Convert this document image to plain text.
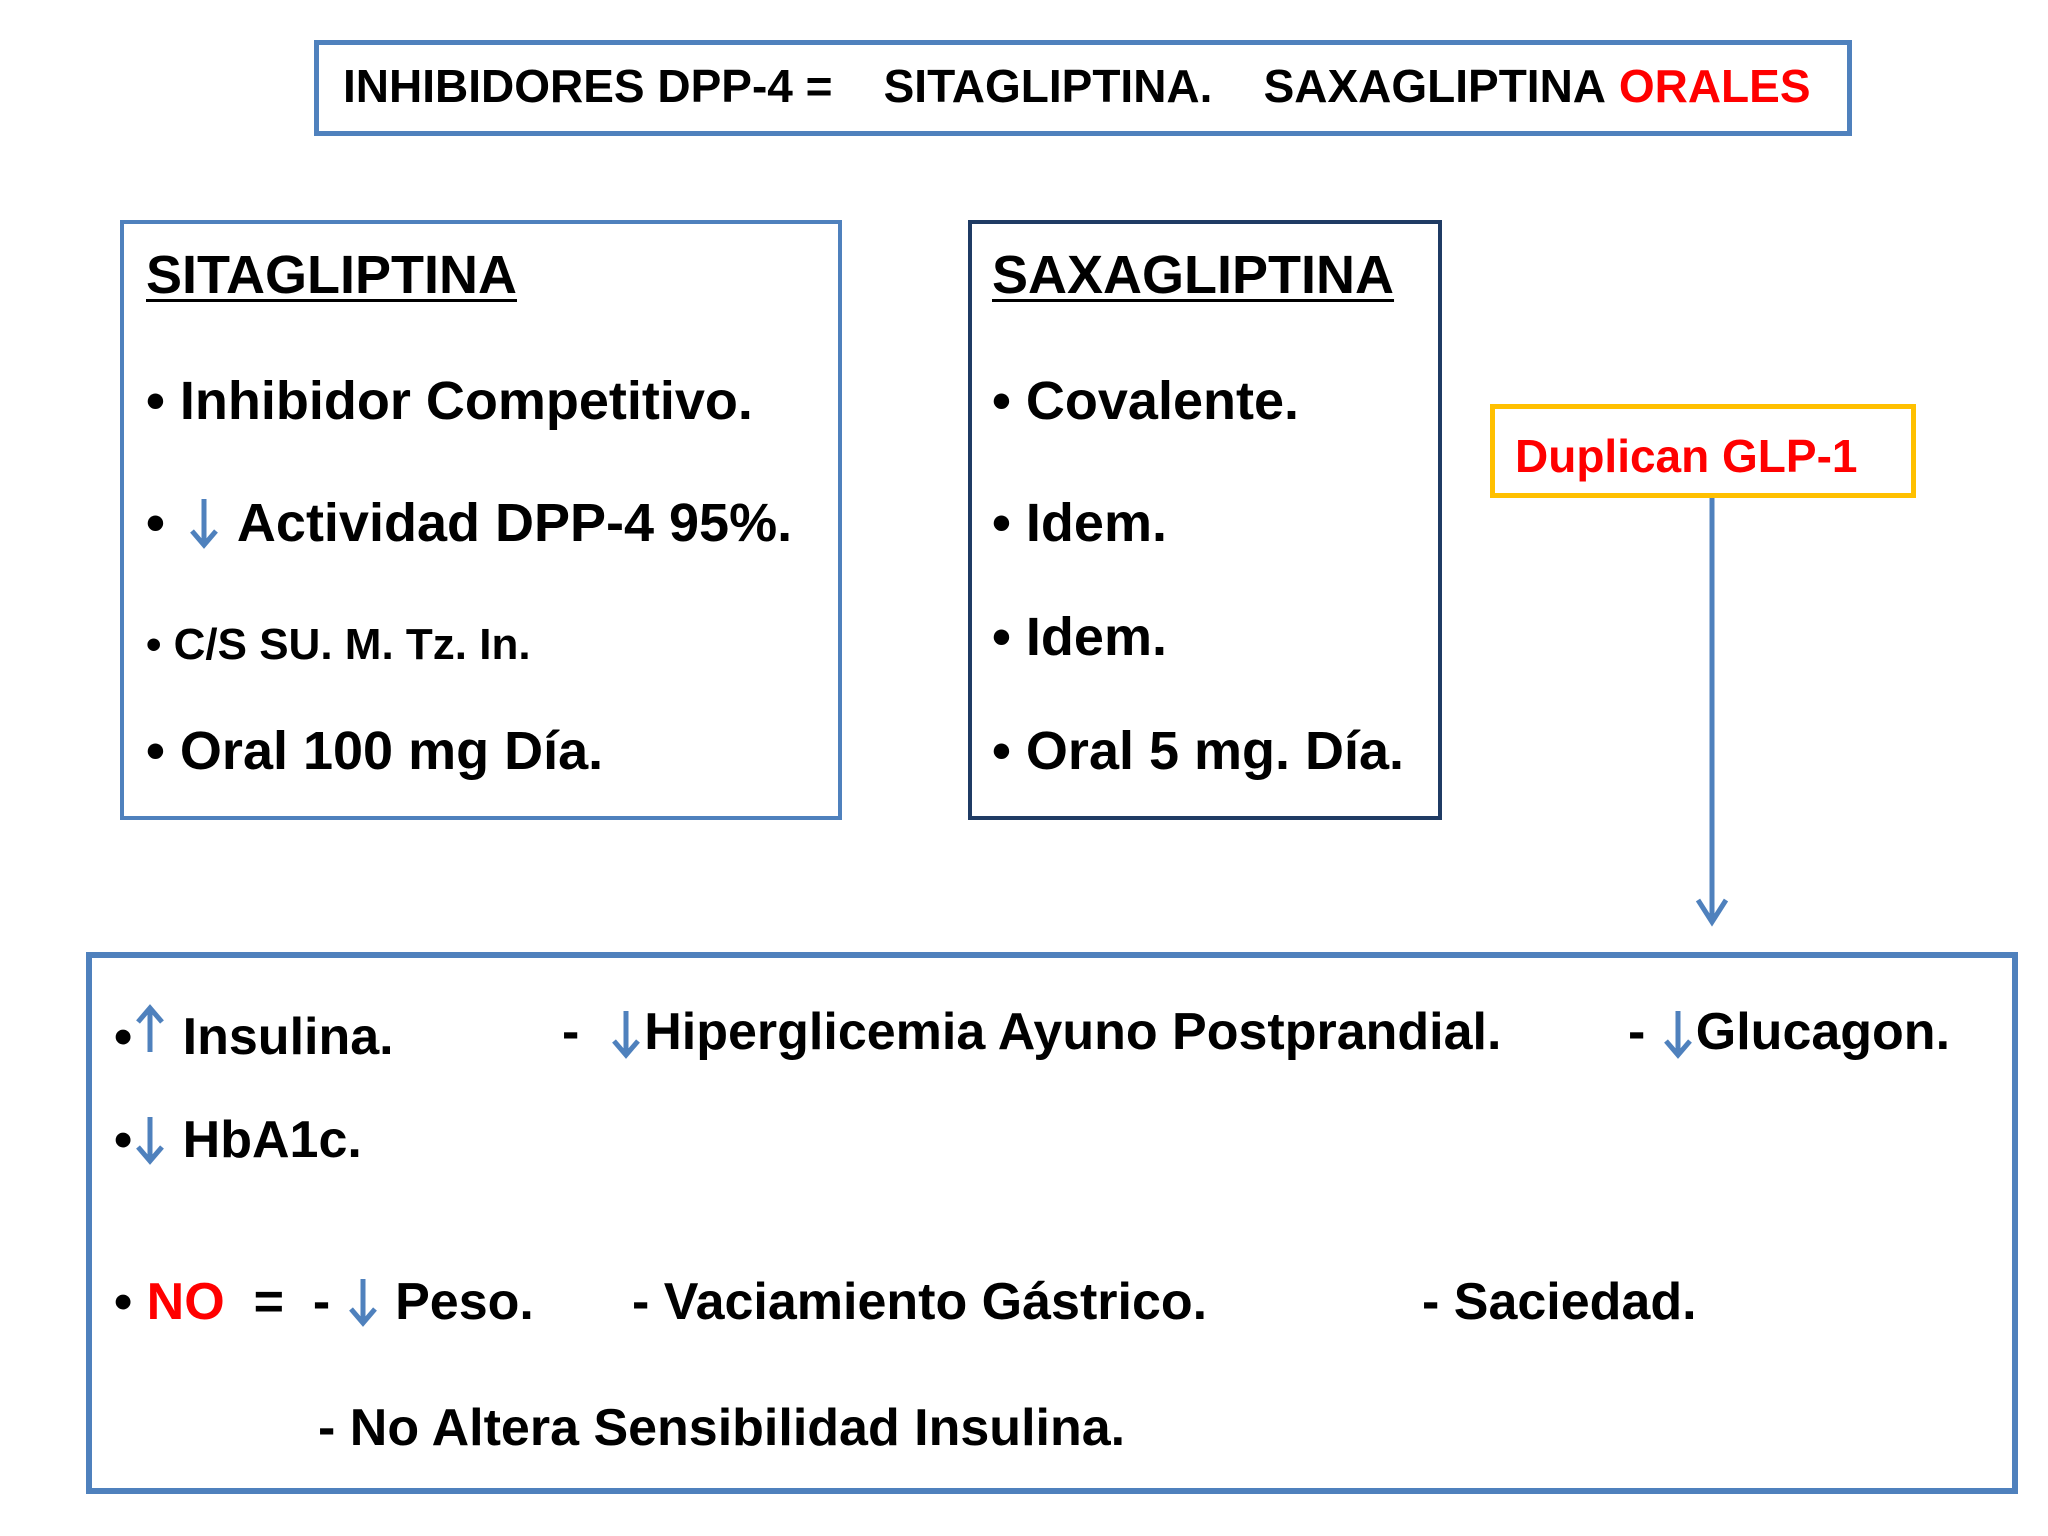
INHIBIDORES DPP-4 = SITAGLIPTINA. SAXAGLIPTINA ORALES
SITAGLIPTINA
• Inhibidor Competitivo.
• Actividad DPP-4 95%.
• C/S SU. M. Tz. In.
• Oral 100 mg Día.
SAXAGLIPTINA
• Covalente.
• Idem.
• Idem.
• Oral 5 mg. Día.
Duplican GLP-1
• Insulina.	- Hiperglicemia Ayuno Postprandial. - Glucagon.
• HbA1c.
• NO = - Peso. - Vaciamiento Gástrico.	- Saciedad.
- No Altera Sensibilidad Insulina.
